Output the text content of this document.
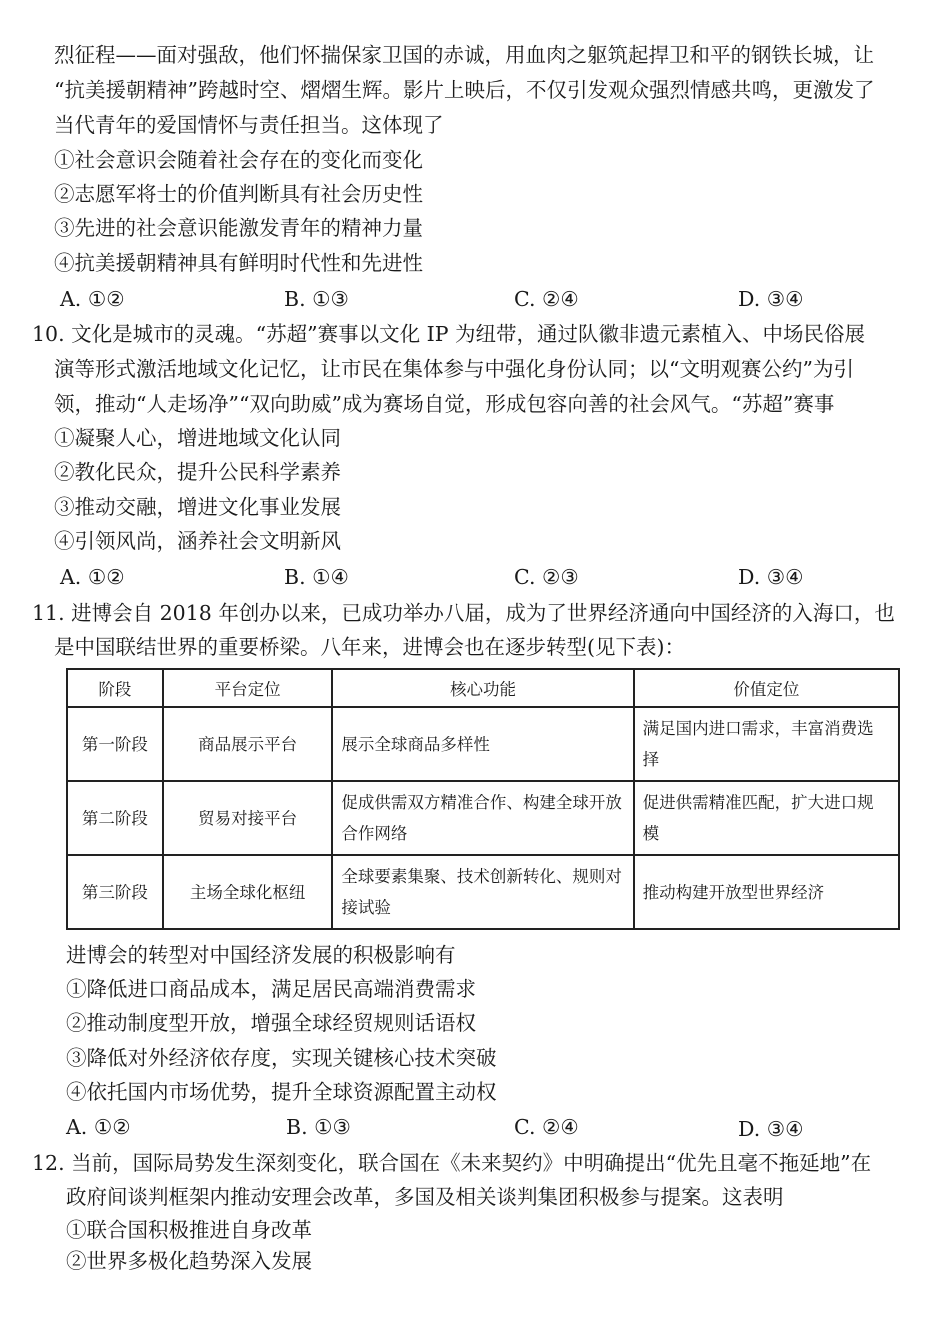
烈征程——面对强敌，他们怀揣保家卫国的赤诚，用血肉之躯筑起捍卫和平的钢铁长城，让
“抗美援朝精神”跨越时空、熠熠生辉。影片上映后，不仅引发观众强烈情感共鸣，更激发了
当代青年的爱国情怀与责任担当。这体现了
①社会意识会随着社会存在的变化而变化
②志愿军将士的价值判断具有社会历史性
③先进的社会意识能激发青年的精神力量
④抗美援朝精神具有鲜明时代性和先进性
A. ①②	B. ①③	C. ②④	D. ③④
10. 文化是城市的灵魂。“苏超”赛事以文化 IP 为纽带，通过队徽非遗元素植入、中场民俗展
演等形式激活地域文化记忆，让市民在集体参与中强化身份认同；以“文明观赛公约”为引
领，推动“人走场净”“双向助威”成为赛场自觉，形成包容向善的社会风气。“苏超”赛事
①凝聚人心，增进地域文化认同
②教化民众，提升公民科学素养
③推动交融，增进文化事业发展
④引领风尚，涵养社会文明新风
A. ①②	B. ①④	C. ②③	D. ③④
11. 进博会自 2018 年创办以来，已成功举办八届，成为了世界经济通向中国经济的入海口，也
是中国联结世界的重要桥梁。八年来，进博会也在逐步转型(见下表)：
阶段	平台定位	核心功能	价值定位
第一阶段	商品展示平台	展示全球商品多样性	满足国内进口需求，丰富消费选择
第二阶段	贸易对接平台	促成供需双方精准合作、构建全球开放合作网络	促进供需精准匹配，扩大进口规模
第三阶段	主场全球化枢纽	全球要素集聚、技术创新转化、规则对接试验	推动构建开放型世界经济
进博会的转型对中国经济发展的积极影响有
①降低进口商品成本，满足居民高端消费需求
②推动制度型开放，增强全球经贸规则话语权
③降低对外经济依存度，实现关键核心技术突破
④依托国内市场优势，提升全球资源配置主动权
A. ①②	B. ①③	C. ②④	D. ③④
12. 当前，国际局势发生深刻变化，联合国在《未来契约》中明确提出“优先且毫不拖延地”在
政府间谈判框架内推动安理会改革，多国及相关谈判集团积极参与提案。这表明
①联合国积极推进自身改革
②世界多极化趋势深入发展
